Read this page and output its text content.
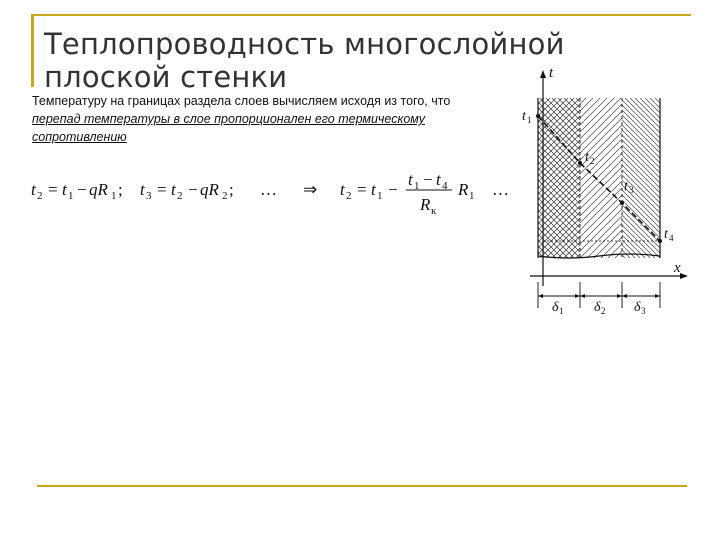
Теплопроводность многослойной плоской стенки
Температуру на границах раздела слоев вычисляем исходя из того, что перепад температуры в слое пропорционален его термическому сопротивлению
t 2 = t 1 − qR 1 ; t 3 = t 2 − qR 2 ; … ⇒ t 2 = t 1 −
t 1 − t 4
R к
R 1 …
t
x
t 1
t 2
t 3
t 4
δ 1 δ 2 δ 3
